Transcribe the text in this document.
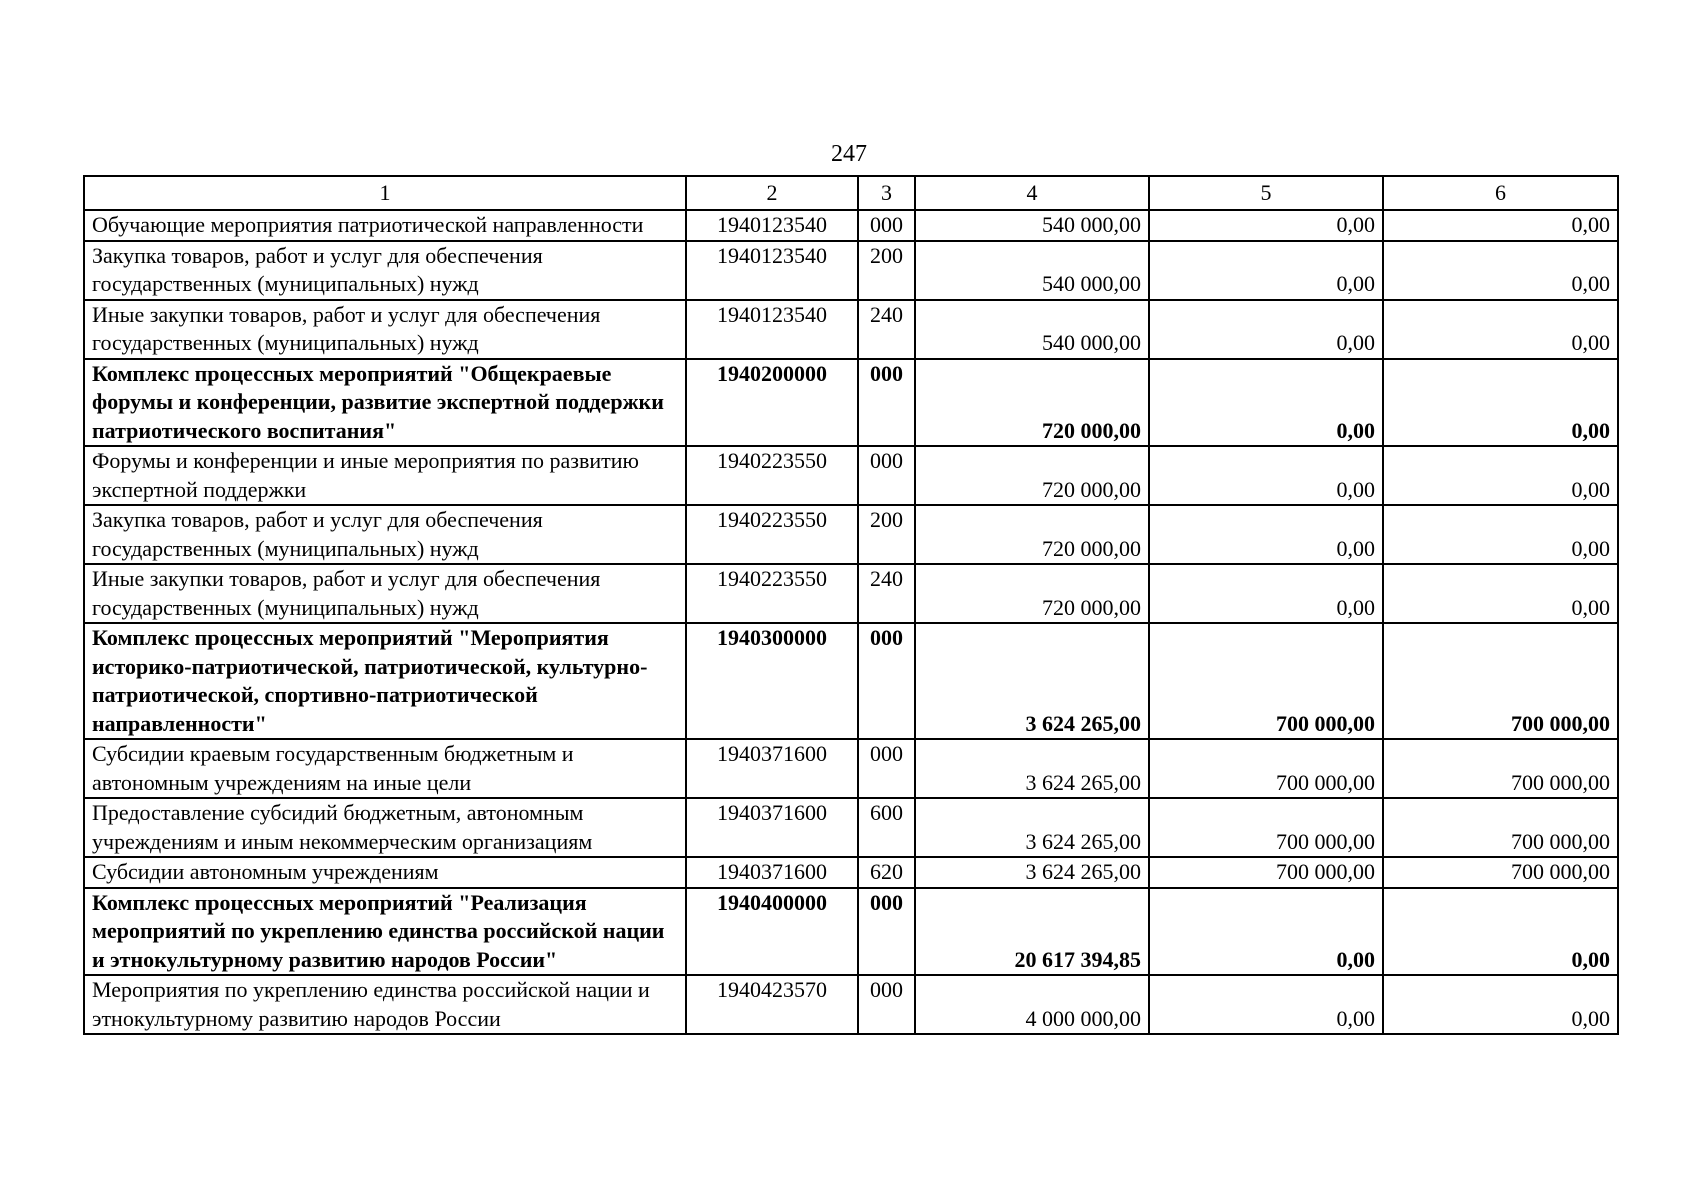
247
1	2	3	4	5	6
Обучающие мероприятия патриотической направленности	1940123540	000	540 000,00	0,00	0,00
Закупка товаров, работ и услуг для обеспечения государственных (муниципальных) нужд	1940123540	200	540 000,00	0,00	0,00
Иные закупки товаров, работ и услуг для обеспечения государственных (муниципальных) нужд	1940123540	240	540 000,00	0,00	0,00
Комплекс процессных мероприятий "Общекраевые форумы и конференции, развитие экспертной поддержки патриотического воспитания"	1940200000	000	720 000,00	0,00	0,00
Форумы и конференции и иные мероприятия по развитию экспертной поддержки	1940223550	000	720 000,00	0,00	0,00
Закупка товаров, работ и услуг для обеспечения государственных (муниципальных) нужд	1940223550	200	720 000,00	0,00	0,00
Иные закупки товаров, работ и услуг для обеспечения государственных (муниципальных) нужд	1940223550	240	720 000,00	0,00	0,00
Комплекс процессных мероприятий "Мероприятия историко-патриотической, патриотической, культурно-патриотической, спортивно-патриотической направленности"	1940300000	000	3 624 265,00	700 000,00	700 000,00
Субсидии краевым государственным бюджетным и автономным учреждениям на иные цели	1940371600	000	3 624 265,00	700 000,00	700 000,00
Предоставление субсидий бюджетным, автономным учреждениям и иным некоммерческим организациям	1940371600	600	3 624 265,00	700 000,00	700 000,00
Субсидии автономным учреждениям	1940371600	620	3 624 265,00	700 000,00	700 000,00
Комплекс процессных мероприятий "Реализация мероприятий по укреплению единства российской нации и этнокультурному развитию народов России"	1940400000	000	20 617 394,85	0,00	0,00
Мероприятия по укреплению единства российской нации и этнокультурному развитию народов России	1940423570	000	4 000 000,00	0,00	0,00
